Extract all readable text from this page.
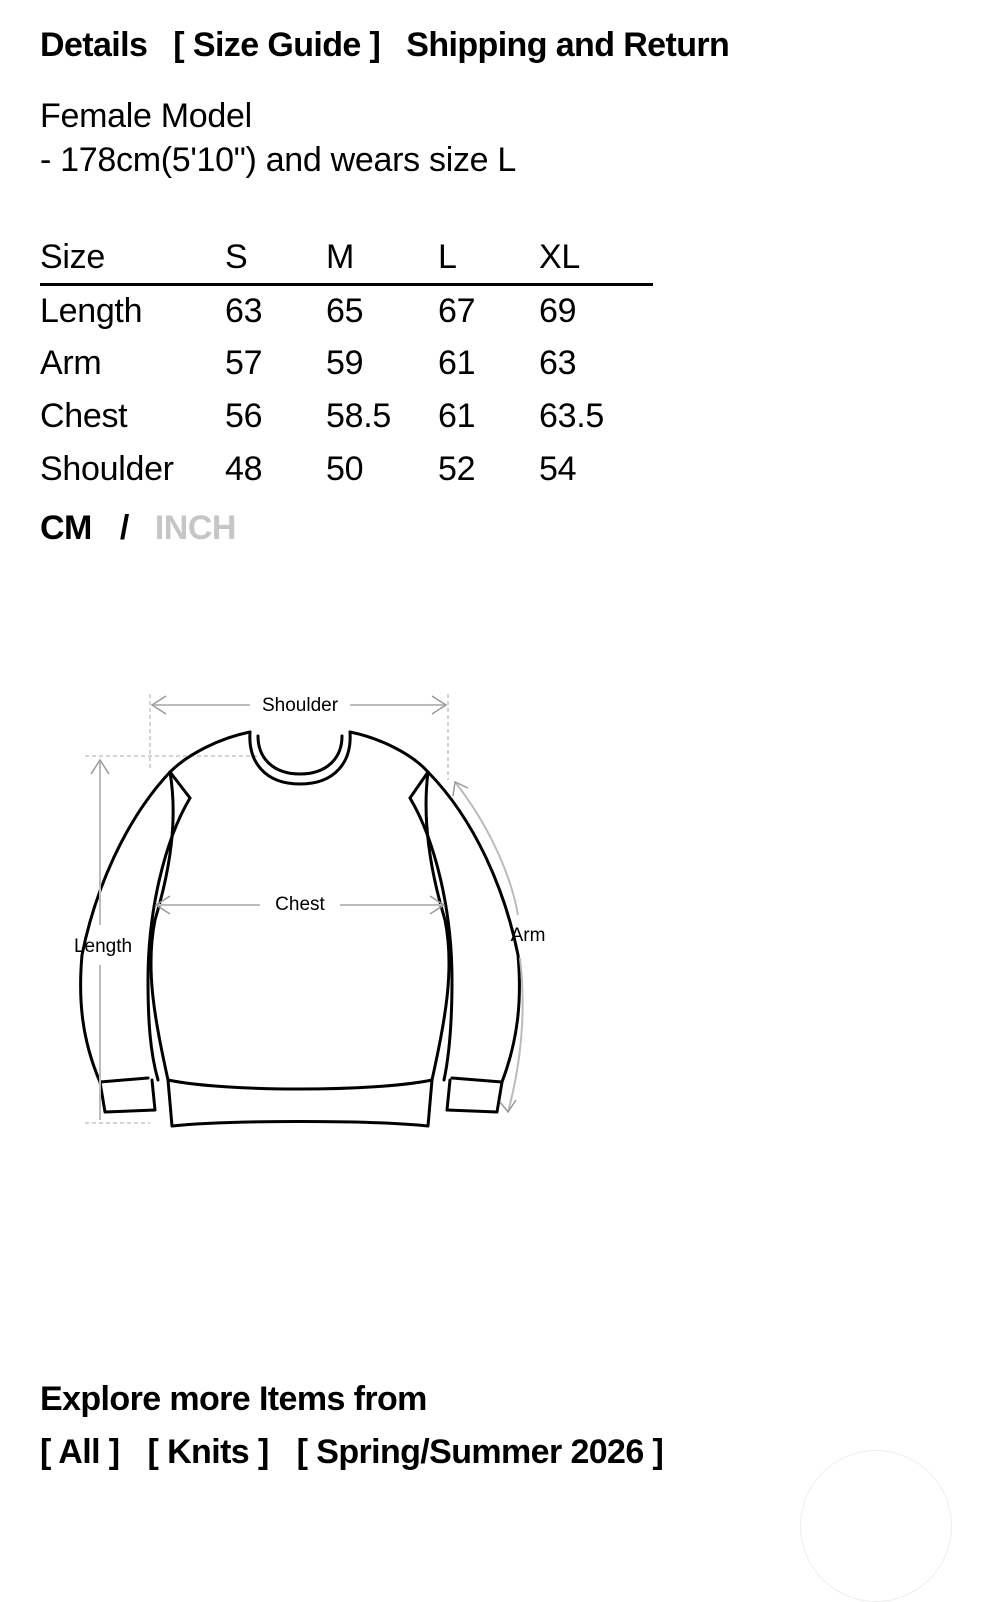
Details [ Size Guide ] Shipping and Return
Female Model
- 178cm(5'10") and wears size L
Size	S	M	L	XL
Length	63	65	67	69
Arm	57	59	61	63
Chest	56	58.5	61	63.5
Shoulder	48	50	52	54
CM / INCH
Shoulder
Chest
Length
Arm
Explore more Items from
[ All ] [ Knits ] [ Spring/Summer 2026 ]
